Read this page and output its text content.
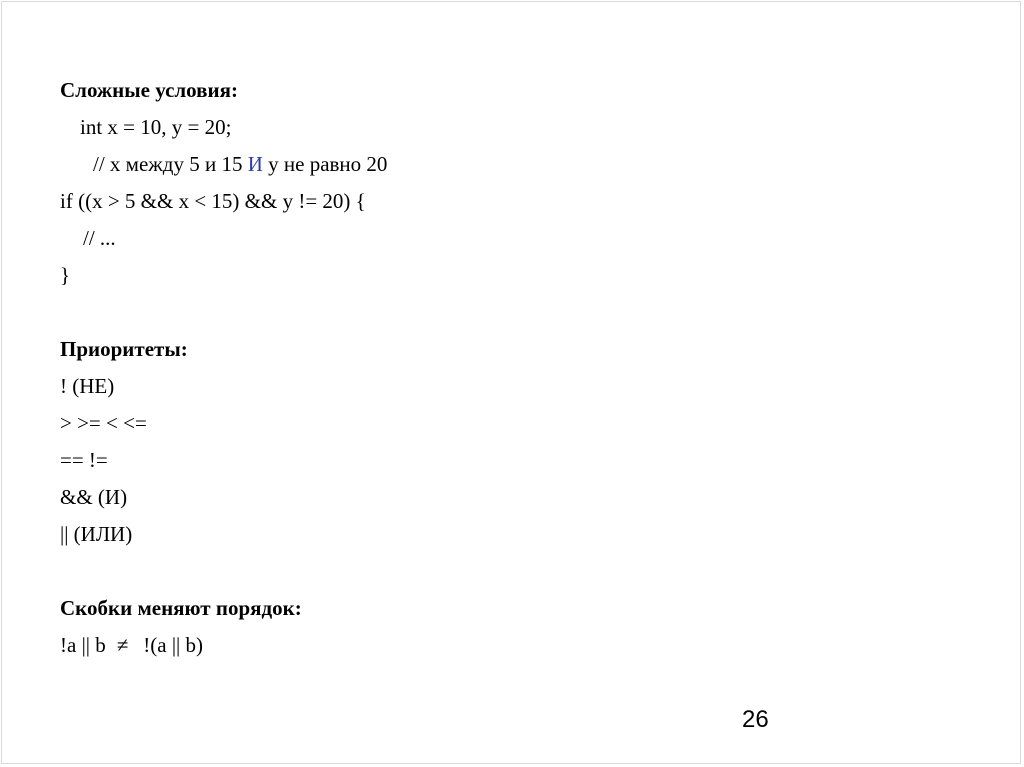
Сложные условия:
int x = 10, y = 20;
// x между 5 и 15 И y не равно 20
if ((x > 5 && x < 15) && y != 20) {
// ...
}
Приоритеты:
! (НЕ)
> >= < <=
== !=
&& (И)
|| (ИЛИ)
Скобки меняют порядок:
!a || b ≠ !(a || b)
26
